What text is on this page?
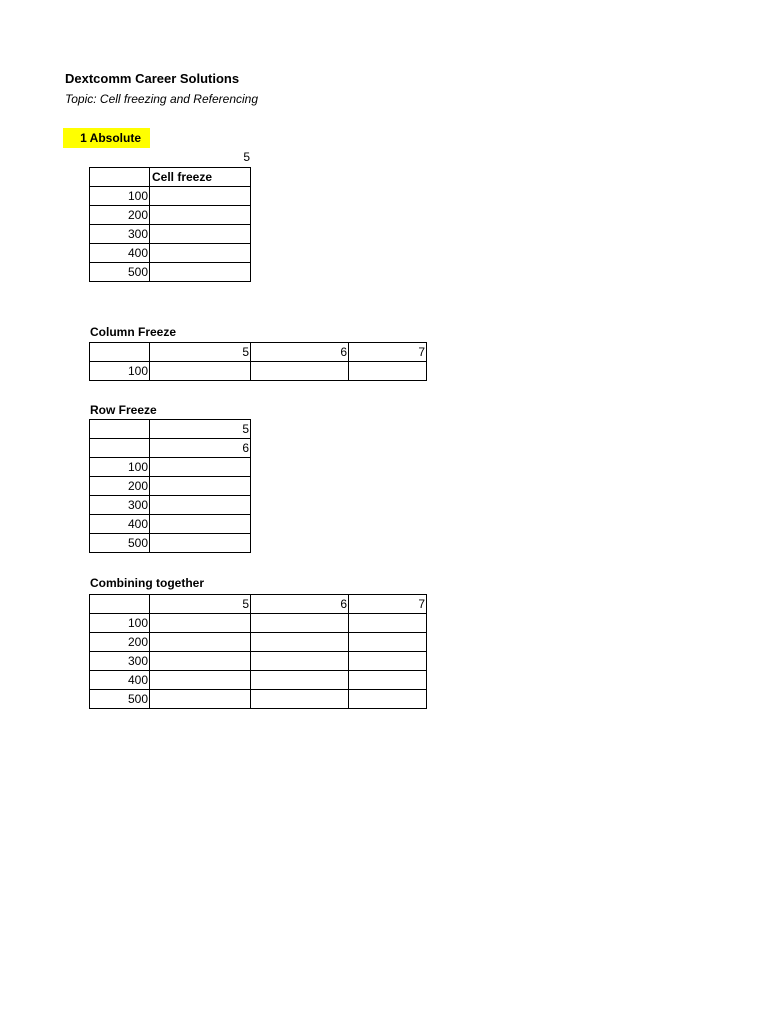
Dextcomm Career Solutions
Topic: Cell freezing and Referencing
1 Absolute
5
	Cell freeze
100	
200	
300	
400	
500	
Column Freeze
	5	6	7
100			
Row Freeze
	5
	6
100	
200	
300	
400	
500	
Combining together
	5	6	7
100			
200			
300			
400			
500			
